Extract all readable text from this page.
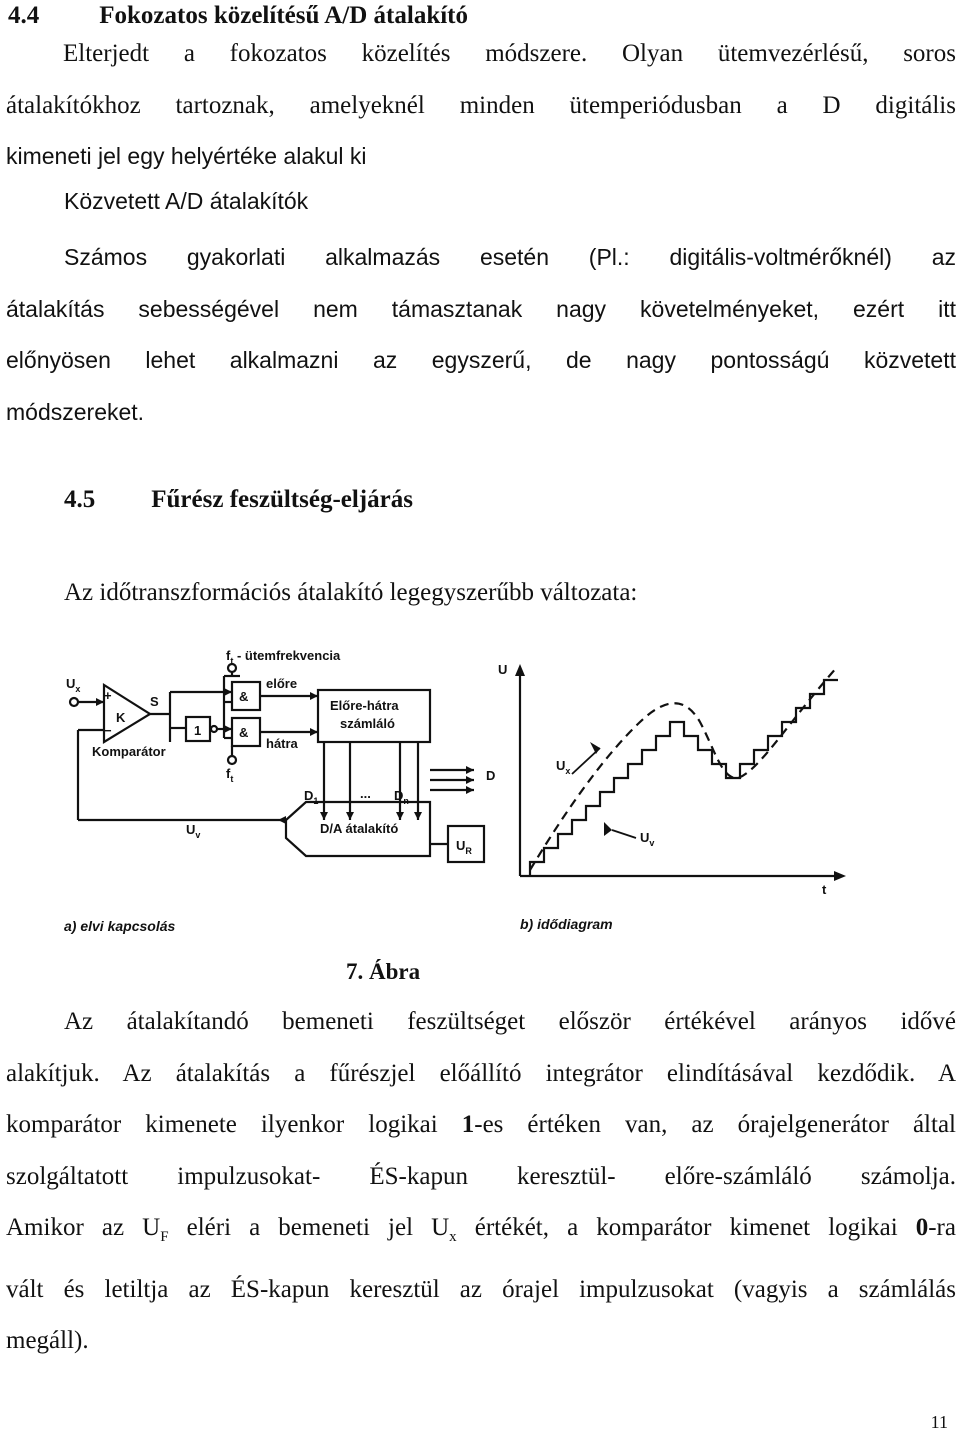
4.4 Fokozatos közelítésű A/D átalakító
Elterjedt a fokozatos közelítés módszere. Olyan ütemvezérlésű, soros
átalakítókhoz tartoznak, amelyeknél minden ütemperiódusban a D digitális
kimeneti jel egy helyértéke alakul ki
Közvetett A/D átalakítók
Számos gyakorlati alkalmazás esetén (Pl.: digitális-voltmérőknél) az
átalakítás sebességével nem támasztanak nagy követelményeket, ezért itt
előnyösen lehet alkalmazni az egyszerű, de nagy pontosságú közvetett
módszereket.
4.5 Fűrész feszültség-eljárás
Az időtranszformációs átalakító legegyszerűbb változata:
$f_t$ - ütemfrekvencia
$U_x$ +
−
K
S
Komparátor
1
&
&
előre
hátra
Előre-hátra
számláló
$f_t$	D
$D_1$	... $D_n$
$U_v$	D/A átalakító
$U_R$
U
t
$U_x$
$U_v$
a) elvi kapcsolás	b) idődiagram
7. Ábra
Az átalakítandó bemeneti feszültséget először értékével arányos idővé
alakítjuk. Az átalakítás a fűrészjel előállító integrátor elindításával kezdődik. A
komparátor kimenete ilyenkor logikai 1-es értéken van, az órajelgenerátor által
szolgáltatott impulzusokat- ÉS-kapun keresztül- előre-számláló számolja.
Amikor az $U_F$ eléri a bemeneti jel $U_x$ értékét, a komparátor kimenet logikai 0-ra
vált és letiltja az ÉS-kapun keresztül az órajel impulzusokat (vagyis a számlálás
megáll).
11
